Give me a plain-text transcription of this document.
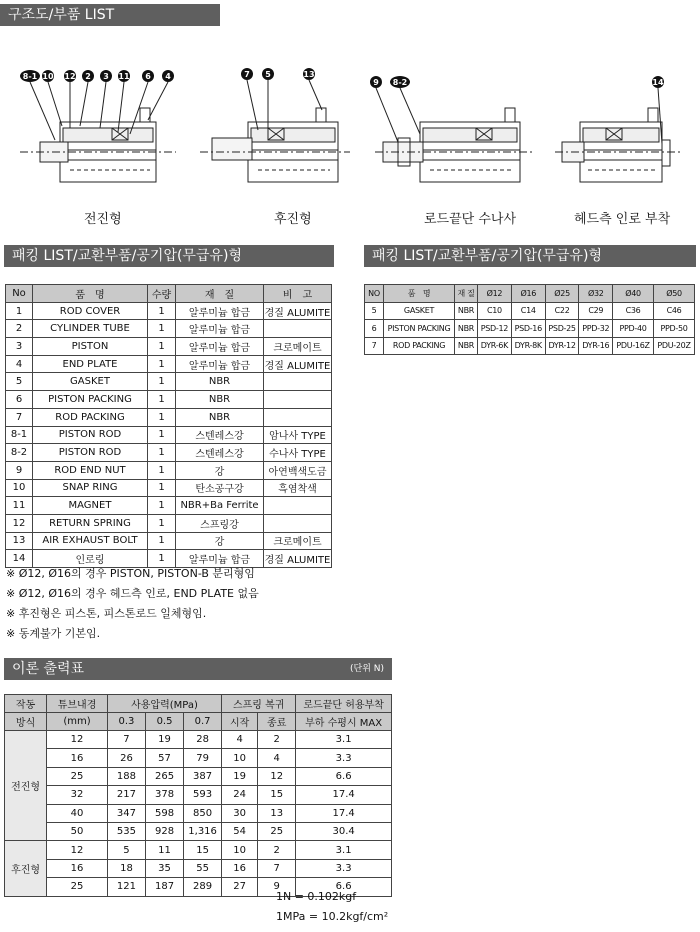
구조도/부품 LIST
8-1 10 12 2 3 11 6 4	7 5	13
9 8-2	14
전진형	후진형	로드끝단 수나사	헤드측 인로 부착
패킹 LIST/교환부품/공기압(무급유)형
No	품　명	수량	재　질	비　고
1	ROD COVER	1	알루미늄 합금	경질 ALUMITE
2	CYLINDER TUBE	1	알루미늄 합금	
3	PISTON	1	알루미늄 합금	크로메이트
4	END PLATE	1	알루미늄 합금	경질 ALUMITE
5	GASKET	1	NBR	
6	PISTON PACKING	1	NBR	
7	ROD PACKING	1	NBR	
8-1	PISTON ROD	1	스텐레스강	암나사 TYPE
8-2	PISTON ROD	1	스텐레스강	수나사 TYPE
9	ROD END NUT	1	강	아연백색도금
10	SNAP RING	1	탄소공구강	흑염착색
11	MAGNET	1	NBR+Ba Ferrite	
12	RETURN SPRING	1	스프링강	
13	AIR EXHAUST BOLT	1	강	크로메이트
14	인로링	1	알루미늄 합금	경질 ALUMITE
※ Ø12, Ø16의 경우 PISTON, PISTON-B 분리형임
※ Ø12, Ø16의 경우 헤드측 인로, END PLATE 없음
※ 후진형은 피스톤, 피스톤로드 일체형임.
※ 동계불가 기본임.
패킹 LIST/교환부품/공기압(무급유)형
NO	품　명	재 질	Ø12	Ø16	Ø25	Ø32	Ø40	Ø50
5	GASKET	NBR	C10	C14	C22	C29	C36	C46
6	PISTON PACKING	NBR	PSD-12	PSD-16	PSD-25	PPD-32	PPD-40	PPD-50
7	ROD PACKING	NBR	DYR-6K	DYR-8K	DYR-12	DYR-16	PDU-16Z	PDU-20Z
이론 출력표	(단위 N)
작동	튜브내경	사용압력(MPa)			스프링 복귀		로드끝단 허용부착
방식	(mm)	0.3	0.5	0.7	시작	종료	부하 수평시 MAX
전진형	12	7	19	28	4	2	3.1
	16	26	57	79	10	4	3.3
	25	188	265	387	19	12	6.6
	32	217	378	593	24	15	17.4
	40	347	598	850	30	13	17.4
	50	535	928	1,316	54	25	30.4
후진형	12	5	11	15	10	2	3.1
	16	18	35	55	16	7	3.3
	25	121	187	289	27	9	6.6
1N = 0.102kgf
1MPa = 10.2kgf/cm²
